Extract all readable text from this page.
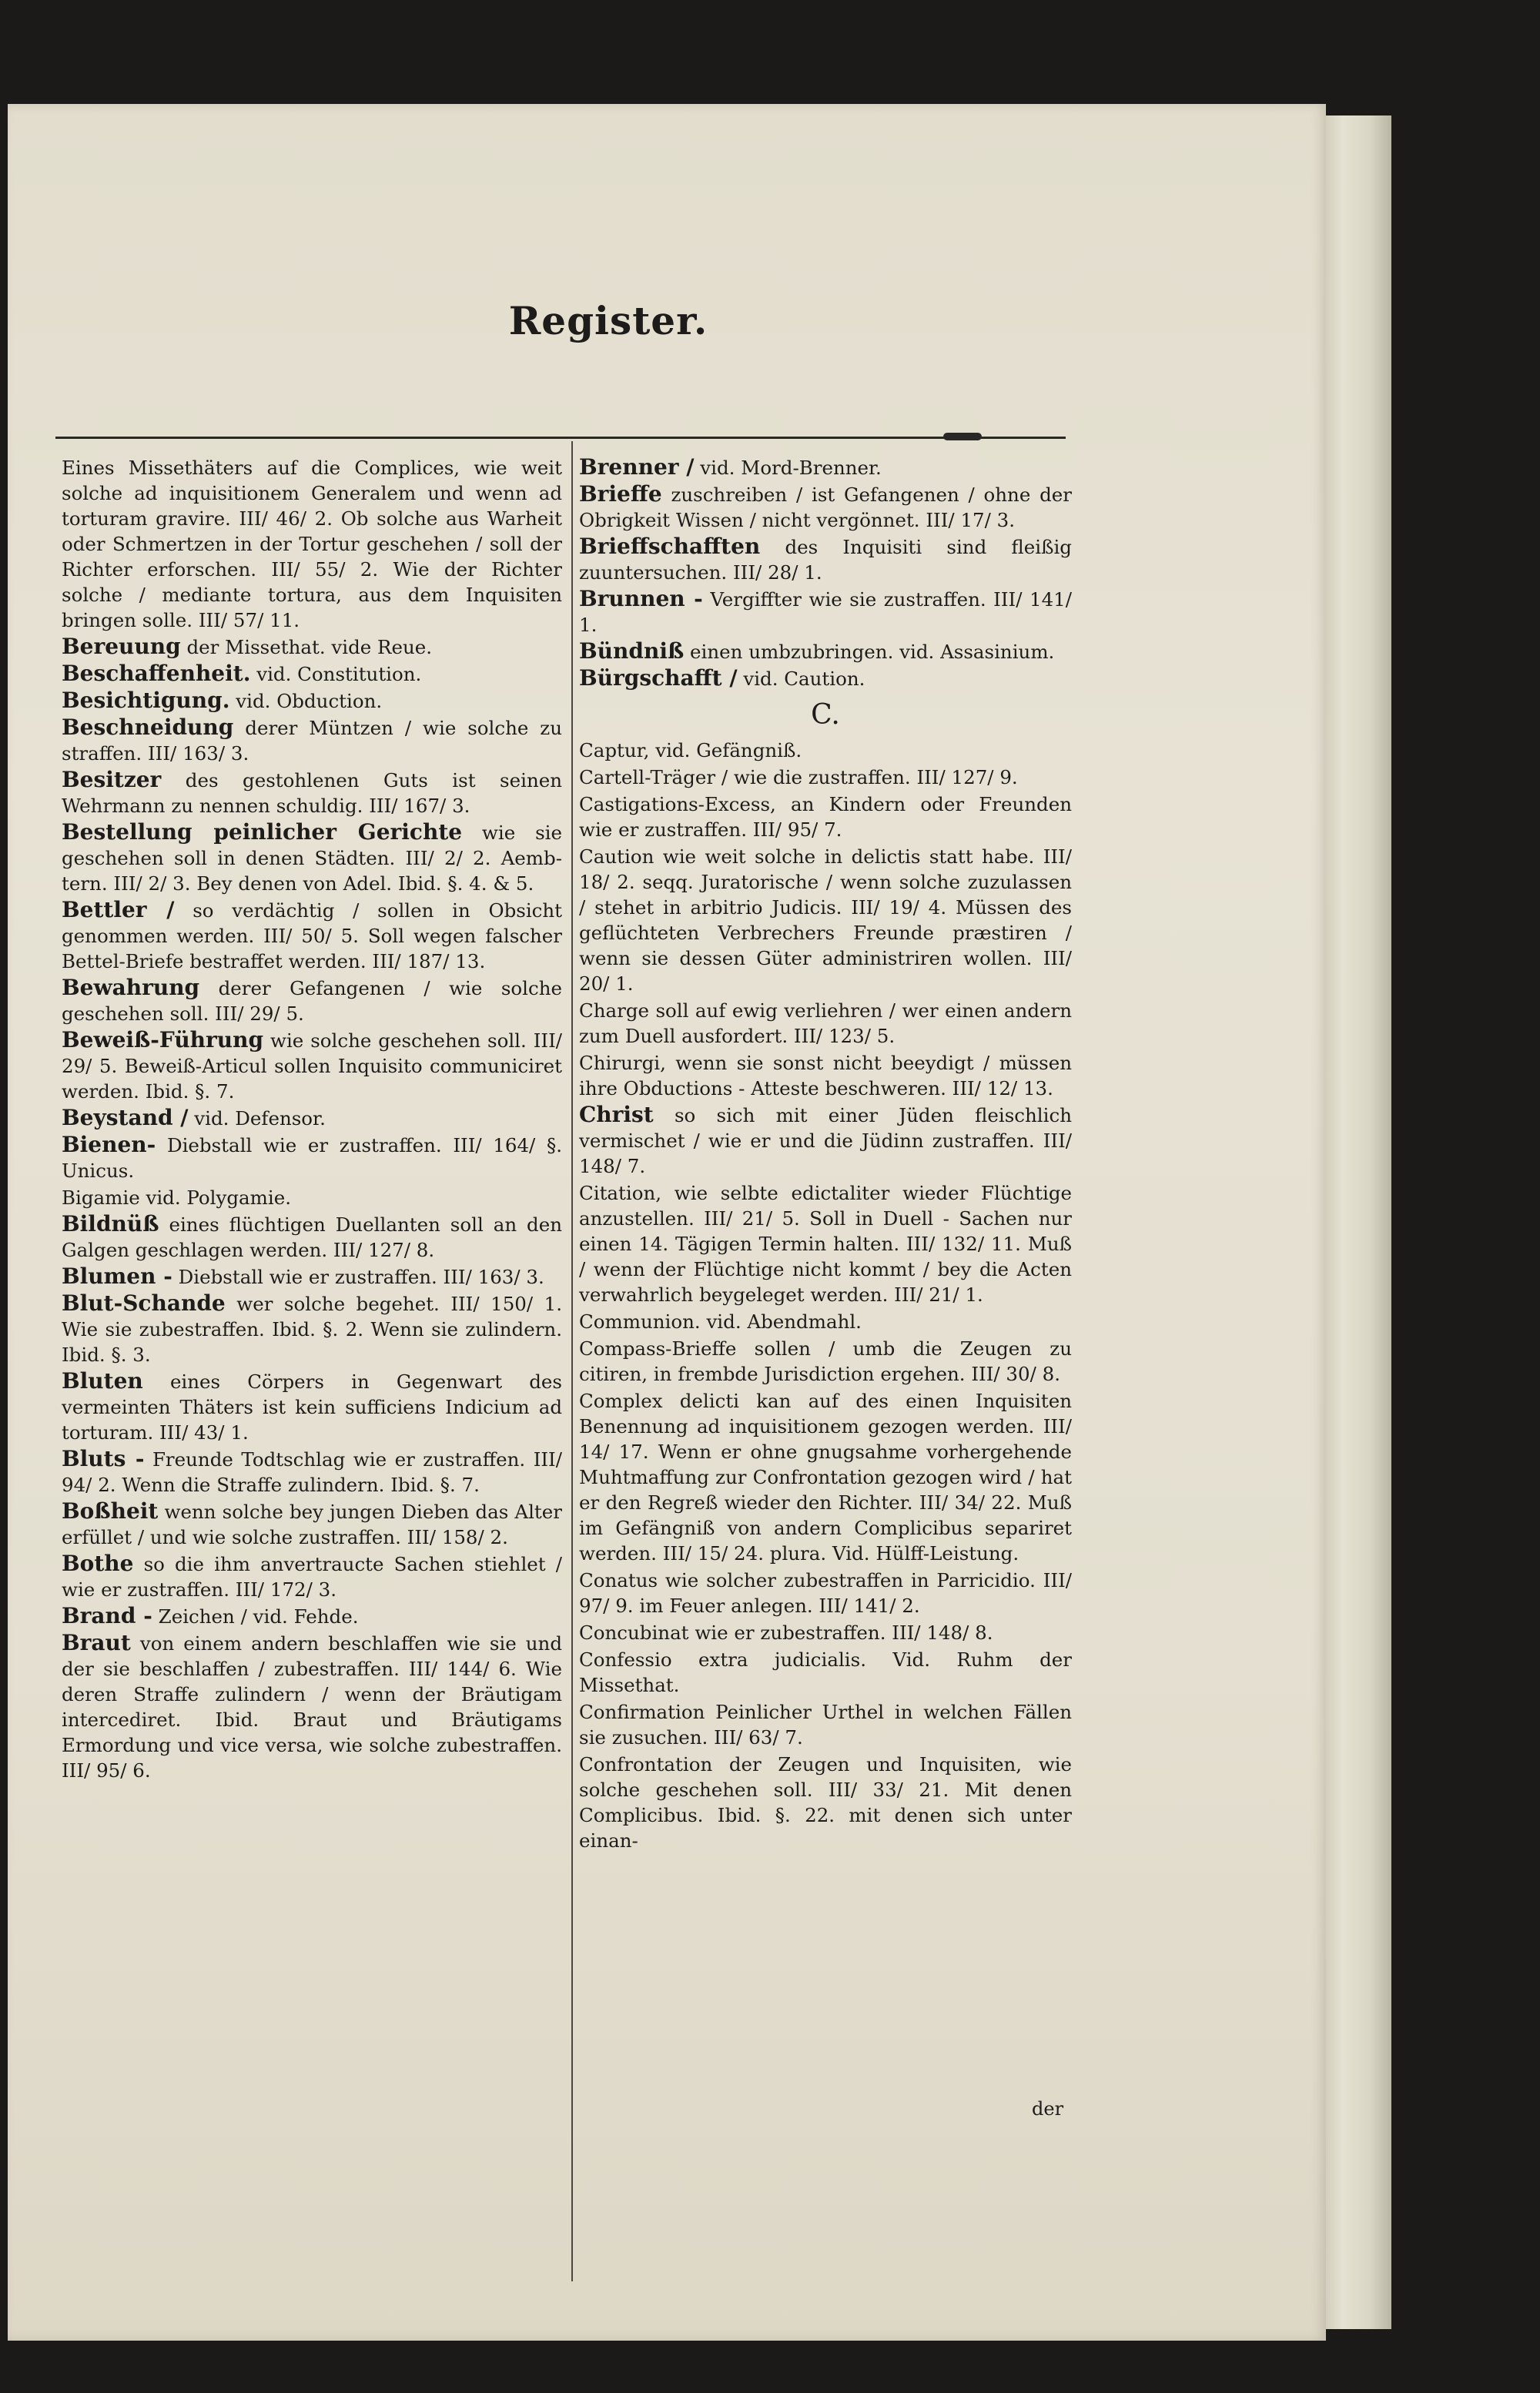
Register.
Eines Missethäters auf die Complices, wie weit solche ad inquisitionem Generalem und wenn ad torturam gravire. III/ 46/ 2. Ob solche aus Warheit oder Schmertzen in der Tortur geschehen / soll der Richter erforschen. III/ 55/ 2. Wie der Richter solche / mediante tortura, aus dem Inquisiten bringen solle. III/ 57/ 11.
Bereuung der Missethat. vide Reue.
Beschaffenheit. vid. Constitution.
Besichtigung. vid. Obduction.
Beschneidung derer Müntzen / wie solche zu straffen. III/ 163/ 3.
Besitzer des gestohlenen Guts ist seinen Wehrmann zu nennen schuldig. III/ 167/ 3.
Bestellung peinlicher Gerichte wie sie geschehen soll in denen Städten. III/ 2/ 2. Aemb- tern. III/ 2/ 3. Bey denen von Adel. Ibid. §. 4. & 5.
Bettler / so verdächtig / sollen in Obsicht genommen werden. III/ 50/ 5. Soll wegen falscher Bettel-Briefe bestraffet werden. III/ 187/ 13.
Bewahrung derer Gefangenen / wie solche geschehen soll. III/ 29/ 5.
Beweiß-Führung wie solche geschehen soll. III/ 29/ 5. Beweiß-Articul sollen Inquisito communiciret werden. Ibid. §. 7.
Beystand / vid. Defensor.
Bienen- Diebstall wie er zustraffen. III/ 164/ §. Unicus.
Bigamie vid. Polygamie.
Bildnüß eines flüchtigen Duellanten soll an den Galgen geschlagen werden. III/ 127/ 8.
Blumen - Diebstall wie er zustraffen. III/ 163/ 3.
Blut-Schande wer solche begehet. III/ 150/ 1. Wie sie zubestraffen. Ibid. §. 2. Wenn sie zulindern. Ibid. §. 3.
Bluten eines Cörpers in Gegenwart des vermeinten Thäters ist kein sufficiens Indicium ad torturam. III/ 43/ 1.
Bluts - Freunde Todtschlag wie er zustraffen. III/ 94/ 2. Wenn die Straffe zulindern. Ibid. §. 7.
Boßheit wenn solche bey jungen Dieben das Alter erfüllet / und wie solche zustraffen. III/ 158/ 2.
Bothe so die ihm anvertraucte Sachen stiehlet / wie er zustraffen. III/ 172/ 3.
Brand - Zeichen / vid. Fehde.
Braut von einem andern beschlaffen wie sie und der sie beschlaffen / zubestraffen. III/ 144/ 6. Wie deren Straffe zulindern / wenn der Bräutigam intercediret. Ibid. Braut und Bräutigams Ermordung und vice versa, wie solche zubestraffen. III/ 95/ 6.
Brenner / vid. Mord-Brenner.
Brieffe zuschreiben / ist Gefangenen / ohne der Obrigkeit Wissen / nicht vergönnet. III/ 17/ 3.
Brieffschafften des Inquisiti sind fleißig zuuntersuchen. III/ 28/ 1.
Brunnen - Vergiffter wie sie zustraffen. III/ 141/ 1.
Bündniß einen umbzubringen. vid. Assasinium.
Bürgschafft / vid. Caution.
C.
Captur, vid. Gefängniß.
Cartell-Träger / wie die zustraffen. III/ 127/ 9.
Castigations-Excess, an Kindern oder Freunden wie er zustraffen. III/ 95/ 7.
Caution wie weit solche in delictis statt habe. III/ 18/ 2. seqq. Juratorische / wenn solche zuzulassen / stehet in arbitrio Judicis. III/ 19/ 4. Müssen des geflüchteten Verbrechers Freunde præstiren / wenn sie dessen Güter administriren wollen. III/ 20/ 1.
Charge soll auf ewig verliehren / wer einen andern zum Duell ausfordert. III/ 123/ 5.
Chirurgi, wenn sie sonst nicht beeydigt / müssen ihre Obductions - Atteste beschweren. III/ 12/ 13.
Christ so sich mit einer Jüden fleischlich vermischet / wie er und die Jüdinn zustraffen. III/ 148/ 7.
Citation, wie selbte edictaliter wieder Flüchtige anzustellen. III/ 21/ 5. Soll in Duell - Sachen nur einen 14. Tägigen Termin halten. III/ 132/ 11. Muß / wenn der Flüchtige nicht kommt / bey die Acten verwahrlich beygeleget werden. III/ 21/ 1.
Communion. vid. Abendmahl.
Compass-Brieffe sollen / umb die Zeugen zu citiren, in frembde Jurisdiction ergehen. III/ 30/ 8.
Complex delicti kan auf des einen Inquisiten Benennung ad inquisitionem gezogen werden. III/ 14/ 17. Wenn er ohne gnugsahme vorhergehende Muhtmaffung zur Confrontation gezogen wird / hat er den Regreß wieder den Richter. III/ 34/ 22. Muß im Gefängniß von andern Complicibus separiret werden. III/ 15/ 24. plura. Vid. Hülff-Leistung.
Conatus wie solcher zubestraffen in Parricidio. III/ 97/ 9. im Feuer anlegen. III/ 141/ 2.
Concubinat wie er zubestraffen. III/ 148/ 8.
Confessio extra judicialis. Vid. Ruhm der Missethat.
Confirmation Peinlicher Urthel in welchen Fällen sie zusuchen. III/ 63/ 7.
Confrontation der Zeugen und Inquisiten, wie solche geschehen soll. III/ 33/ 21. Mit denen Complicibus. Ibid. §. 22. mit denen sich unter einan-
der
